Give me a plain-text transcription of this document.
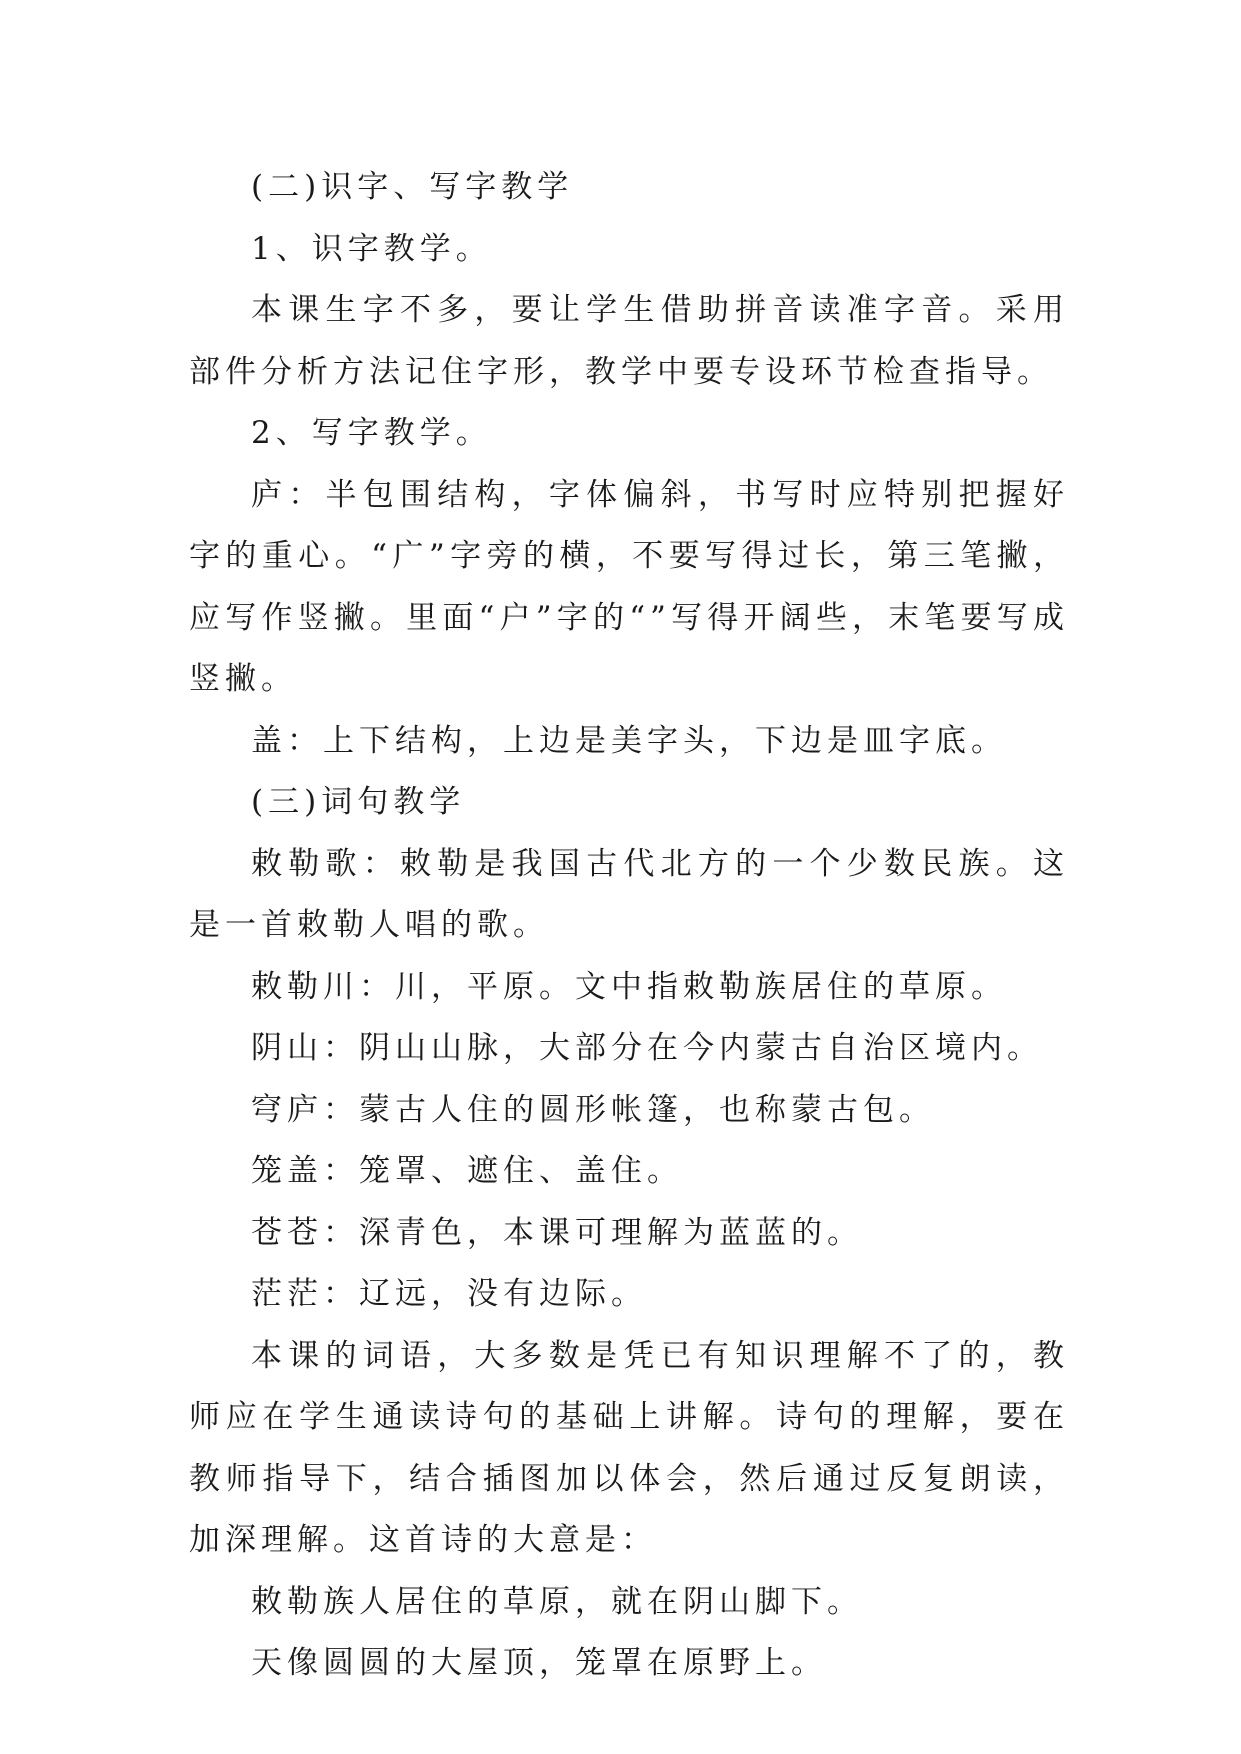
(二)识字、写字教学

1、识字教学。

本课生字不多，要让学生借助拼音读准字音。采用部件分析方法记住字形，教学中要专设环节检查指导。

2、写字教学。

庐：半包围结构，字体偏斜，书写时应特别把握好字的重心。“广”字旁的横，不要写得过长，第三笔撇，应写作竖撇。里面“户”字的“”写得开阔些，末笔要写成竖撇。

盖：上下结构，上边是美字头，下边是皿字底。

(三)词句教学

敕勒歌：敕勒是我国古代北方的一个少数民族。这是一首敕勒人唱的歌。

敕勒川：川，平原。文中指敕勒族居住的草原。

阴山：阴山山脉，大部分在今内蒙古自治区境内。

穹庐：蒙古人住的圆形帐篷，也称蒙古包。

笼盖：笼罩、遮住、盖住。

苍苍：深青色，本课可理解为蓝蓝的。

茫茫：辽远，没有边际。

本课的词语，大多数是凭已有知识理解不了的，教师应在学生通读诗句的基础上讲解。诗句的理解，要在教师指导下，结合插图加以体会，然后通过反复朗读，加深理解。这首诗的大意是：

敕勒族人居住的草原，就在阴山脚下。

天像圆圆的大屋顶，笼罩在原野上。
